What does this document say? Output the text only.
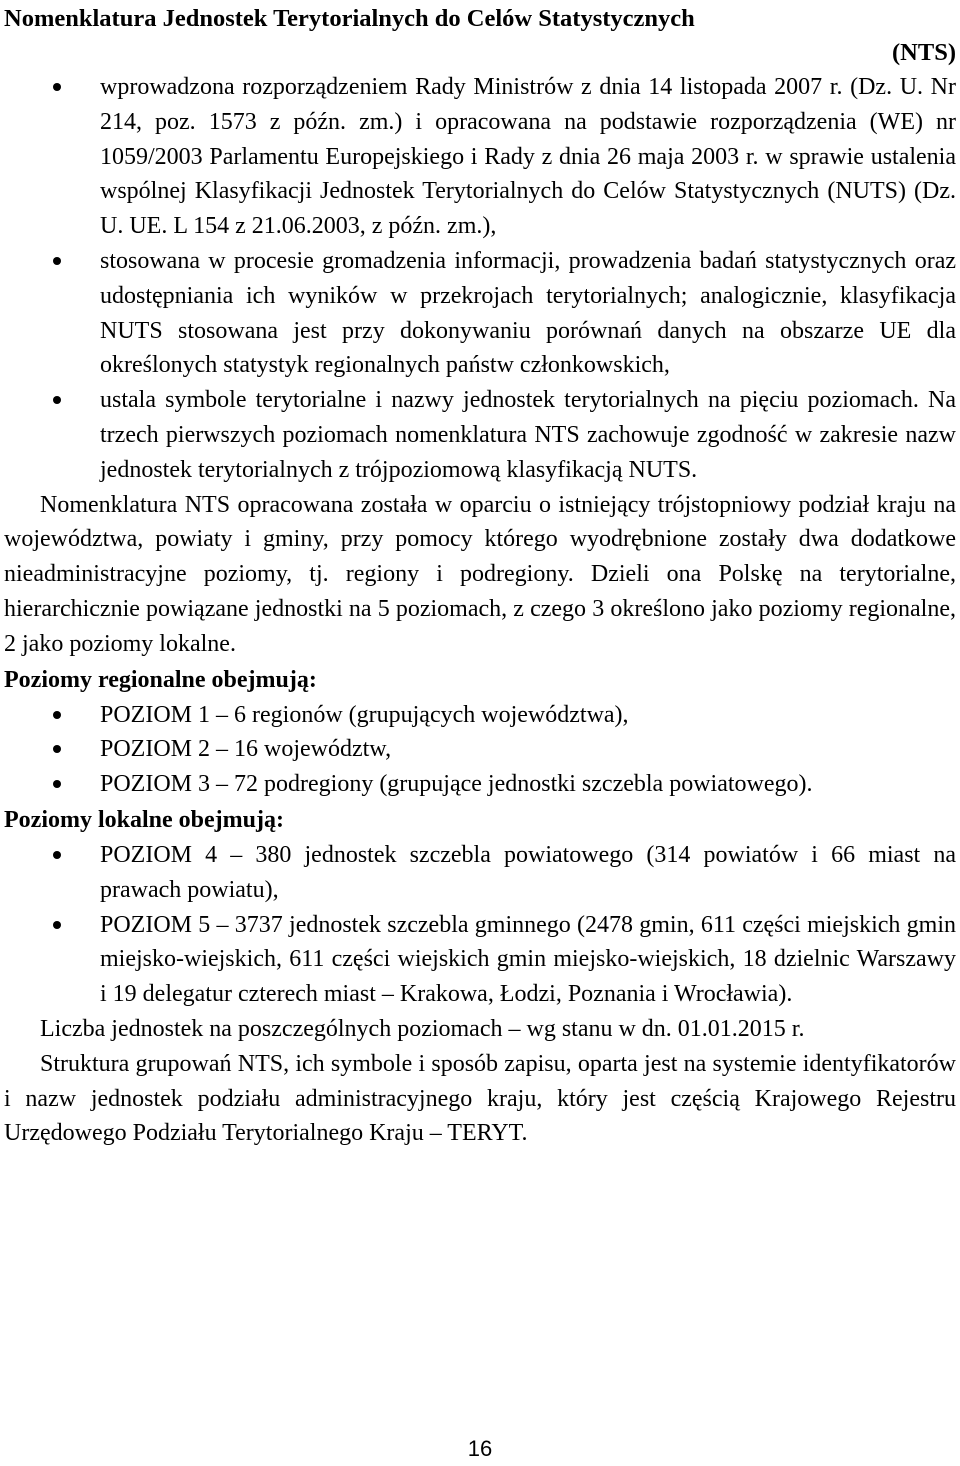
Nomenklatura Jednostek Terytorialnych do Celów Statystycznych
(NTS)
wprowadzona rozporządzeniem Rady Ministrów z dnia 14 listopada 2007 r. (Dz. U. Nr 214, poz. 1573 z późn. zm.) i opracowana na podstawie rozporządzenia (WE) nr 1059/2003 Parlamentu Europejskiego i Rady z dnia 26 maja 2003 r. w sprawie ustalenia wspólnej Klasyfikacji Jednostek Terytorialnych do Celów Statystycznych (NUTS) (Dz. U. UE. L 154 z 21.06.2003, z późn. zm.),
stosowana w procesie gromadzenia informacji, prowadzenia badań statystycznych oraz udostępniania ich wyników w przekrojach terytorialnych; analogicznie, klasyfikacja NUTS stosowana jest przy dokonywaniu porównań danych na obszarze UE dla określonych statystyk regionalnych państw członkowskich,
ustala symbole terytorialne i nazwy jednostek terytorialnych na pięciu poziomach. Na trzech pierwszych poziomach nomenklatura NTS zachowuje zgodność w zakresie nazw jednostek terytorialnych z trójpoziomową klasyfikacją NUTS.

Nomenklatura NTS opracowana została w oparciu o istniejący trójstopniowy podział kraju na województwa, powiaty i gminy, przy pomocy którego wyodrębnione zostały dwa dodatkowe nieadministracyjne poziomy, tj. regiony i podregiony. Dzieli ona Polskę na terytorialne, hierarchicznie powiązane jednostki na 5 poziomach, z czego 3 określono jako poziomy regionalne, 2 jako poziomy lokalne.

Poziomy regionalne obejmują:

POZIOM 1 – 6 regionów (grupujących województwa),
POZIOM 2 – 16 województw,
POZIOM 3 – 72 podregiony (grupujące jednostki szczebla powiatowego).

Poziomy lokalne obejmują:

POZIOM 4 – 380 jednostek szczebla powiatowego (314 powiatów i 66 miast na prawach powiatu),
POZIOM 5 – 3737 jednostek szczebla gminnego (2478 gmin, 611 części miejskich gmin miejsko-wiejskich, 611 części wiejskich gmin miejsko-wiejskich, 18 dzielnic Warszawy i 19 delegatur czterech miast – Krakowa, Łodzi, Poznania i Wrocławia).

Liczba jednostek na poszczególnych poziomach – wg stanu w dn. 01.01.2015 r.

Struktura grupowań NTS, ich symbole i sposób zapisu, oparta jest na systemie identyfikatorów i nazw jednostek podziału administracyjnego kraju, który jest częścią Krajowego Rejestru Urzędowego Podziału Terytorialnego Kraju – TERYT.

16
